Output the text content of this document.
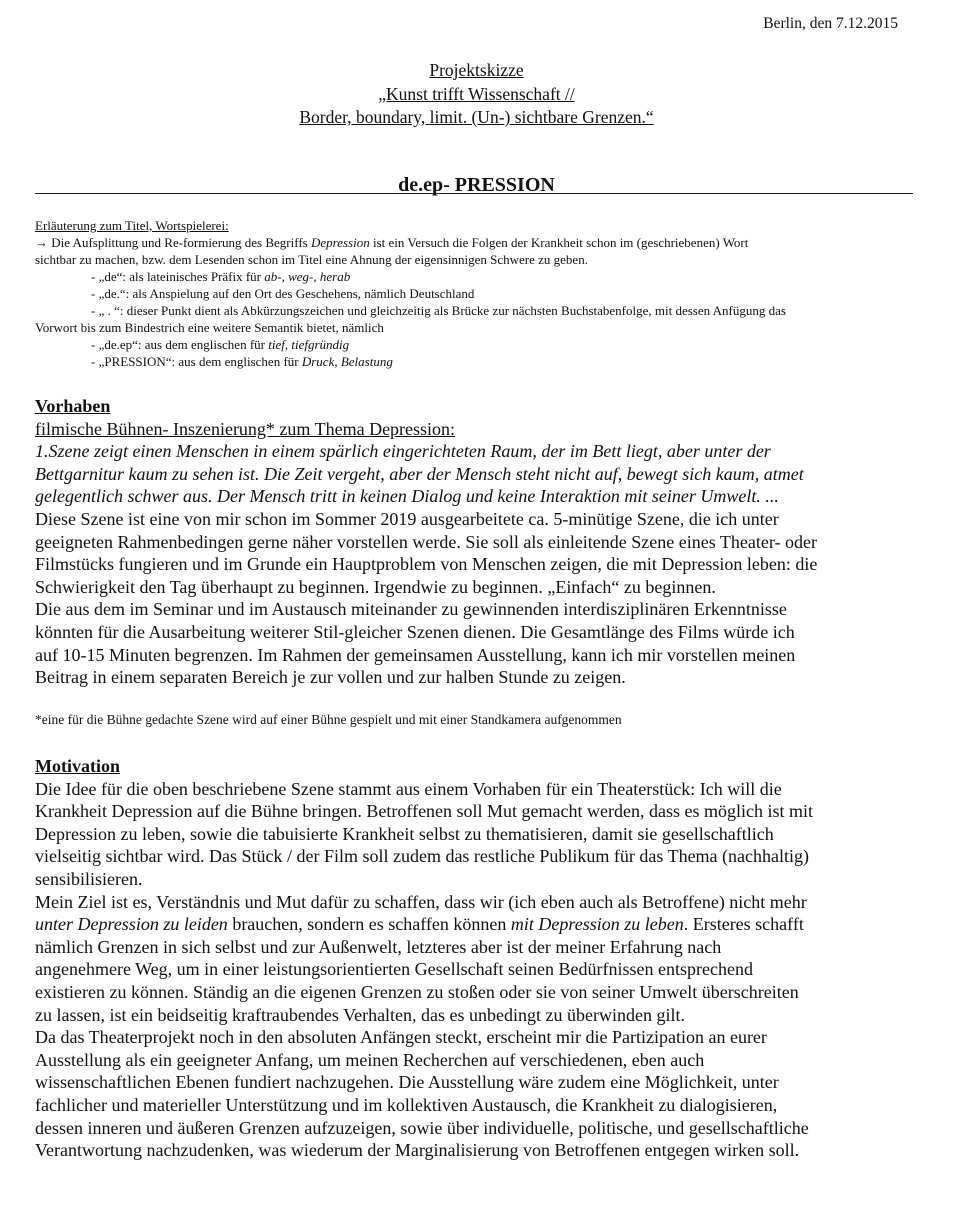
Berlin, den 7.12.2015
Projektskizze
„Kunst trifft Wissenschaft //
Border, boundary, limit. (Un-) sichtbare Grenzen.“
de.ep- PRESSION
Erläuterung zum Titel, Wortspielerei:
→ Die Aufsplittung und Re-formierung des Begriffs Depression ist ein Versuch die Folgen der Krankheit schon im (geschriebenen) Wort
sichtbar zu machen, bzw. dem Lesenden schon im Titel eine Ahnung der eigensinnigen Schwere zu geben.
- „de“: als lateinisches Präfix für ab-, weg-, herab
- „de.“: als Anspielung auf den Ort des Geschehens, nämlich Deutschland
- „ . “: dieser Punkt dient als Abkürzungszeichen und gleichzeitig als Brücke zur nächsten Buchstabenfolge, mit dessen Anfügung das
Vorwort bis zum Bindestrich eine weitere Semantik bietet, nämlich
- „de.ep“: aus dem englischen für tief, tiefgründig
- „PRESSION“: aus dem englischen für Druck, Belastung
Vorhaben
filmische Bühnen- Inszenierung* zum Thema Depression:
1.Szene zeigt einen Menschen in einem spärlich eingerichteten Raum, der im Bett liegt, aber unter der
Bettgarnitur kaum zu sehen ist. Die Zeit vergeht, aber der Mensch steht nicht auf, bewegt sich kaum, atmet
gelegentlich schwer aus. Der Mensch tritt in keinen Dialog und keine Interaktion mit seiner Umwelt. ...
Diese Szene ist eine von mir schon im Sommer 2019 ausgearbeitete ca. 5-minütige Szene, die ich unter
geeigneten Rahmenbedingen gerne näher vorstellen werde. Sie soll als einleitende Szene eines Theater- oder
Filmstücks fungieren und im Grunde ein Hauptproblem von Menschen zeigen, die mit Depression leben: die
Schwierigkeit den Tag überhaupt zu beginnen. Irgendwie zu beginnen. „Einfach“ zu beginnen.
Die aus dem im Seminar und im Austausch miteinander zu gewinnenden interdisziplinären Erkenntnisse
könnten für die Ausarbeitung weiterer Stil-gleicher Szenen dienen. Die Gesamtlänge des Films würde ich
auf 10-15 Minuten begrenzen. Im Rahmen der gemeinsamen Ausstellung, kann ich mir vorstellen meinen
Beitrag in einem separaten Bereich je zur vollen und zur halben Stunde zu zeigen.
*eine für die Bühne gedachte Szene wird auf einer Bühne gespielt und mit einer Standkamera aufgenommen
Motivation
Die Idee für die oben beschriebene Szene stammt aus einem Vorhaben für ein Theaterstück: Ich will die
Krankheit Depression auf die Bühne bringen. Betroffenen soll Mut gemacht werden, dass es möglich ist mit
Depression zu leben, sowie die tabuisierte Krankheit selbst zu thematisieren, damit sie gesellschaftlich
vielseitig sichtbar wird. Das Stück / der Film soll zudem das restliche Publikum für das Thema (nachhaltig)
sensibilisieren.
Mein Ziel ist es, Verständnis und Mut dafür zu schaffen, dass wir (ich eben auch als Betroffene) nicht mehr
unter Depression zu leiden brauchen, sondern es schaffen können mit Depression zu leben. Ersteres schafft
nämlich Grenzen in sich selbst und zur Außenwelt, letzteres aber ist der meiner Erfahrung nach
angenehmere Weg, um in einer leistungsorientierten Gesellschaft seinen Bedürfnissen entsprechend
existieren zu können. Ständig an die eigenen Grenzen zu stoßen oder sie von seiner Umwelt überschreiten
zu lassen, ist ein beidseitig kraftraubendes Verhalten, das es unbedingt zu überwinden gilt.
Da das Theaterprojekt noch in den absoluten Anfängen steckt, erscheint mir die Partizipation an eurer
Ausstellung als ein geeigneter Anfang, um meinen Recherchen auf verschiedenen, eben auch
wissenschaftlichen Ebenen fundiert nachzugehen. Die Ausstellung wäre zudem eine Möglichkeit, unter
fachlicher und materieller Unterstützung und im kollektiven Austausch, die Krankheit zu dialogisieren,
dessen inneren und äußeren Grenzen aufzuzeigen, sowie über individuelle, politische, und gesellschaftliche
Verantwortung nachzudenken, was wiederum der Marginalisierung von Betroffenen entgegen wirken soll.
